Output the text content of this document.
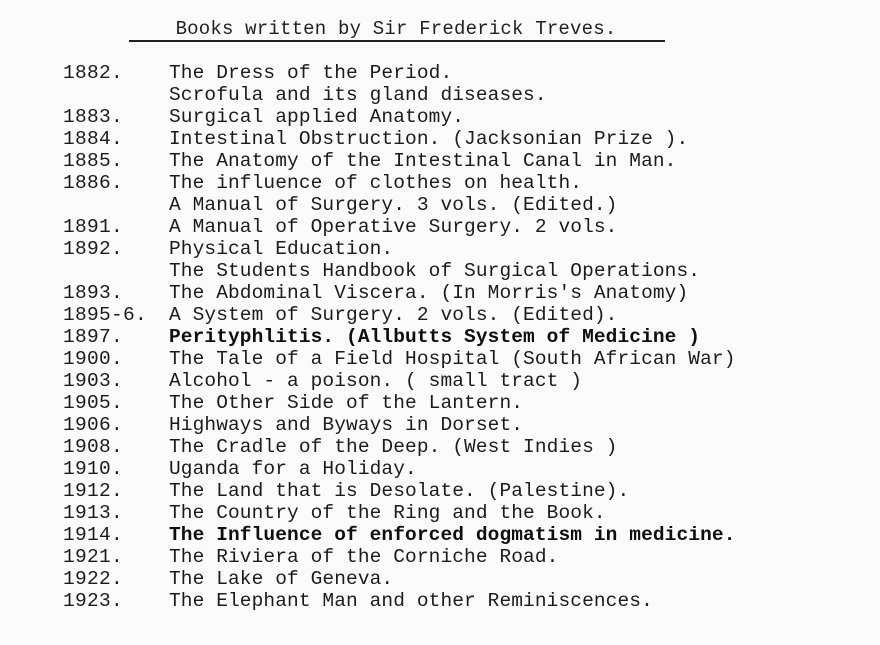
Books written by Sir Frederick Treves.
1882. The Dress of the Period.
Scrofula and its gland diseases.
1883. Surgical applied Anatomy.
1884. Intestinal Obstruction. (Jacksonian Prize ).
1885. The Anatomy of the Intestinal Canal in Man.
1886. The influence of clothes on health.
A Manual of Surgery. 3 vols. (Edited.)
1891. A Manual of Operative Surgery. 2 vols.
1892. Physical Education.
The Students Handbook of Surgical Operations.
1893. The Abdominal Viscera. (In Morris's Anatomy)
1895-6. A System of Surgery. 2 vols. (Edited).
1897. Perityphlitis. (Allbutts System of Medicine )
1900. The Tale of a Field Hospital (South African War)
1903. Alcohol - a poison. ( small tract )
1905. The Other Side of the Lantern.
1906. Highways and Byways in Dorset.
1908. The Cradle of the Deep. (West Indies )
1910. Uganda for a Holiday.
1912. The Land that is Desolate. (Palestine).
1913. The Country of the Ring and the Book.
1914. The Influence of enforced dogmatism in medicine.
1921. The Riviera of the Corniche Road.
1922. The Lake of Geneva.
1923. The Elephant Man and other Reminiscences.
